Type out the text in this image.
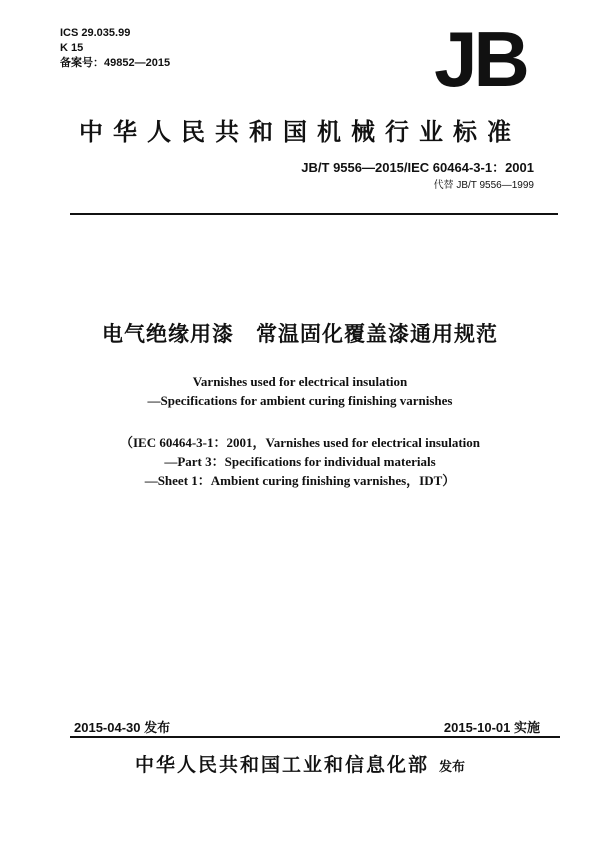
ICS 29.035.99
K 15
备案号：49852—2015	JB
中华人民共和国机械行业标准
JB/T 9556—2015/IEC 60464-3-1：2001
代替 JB/T 9556—1999
电气绝缘用漆　常温固化覆盖漆通用规范
Varnishes used for electrical insulation
—Specifications for ambient curing finishing varnishes
（IEC 60464-3-1：2001，Varnishes used for electrical insulation
—Part 3：Specifications for individual materials
—Sheet 1：Ambient curing finishing varnishes，IDT）
2015-04-30 发布	2015-10-01 实施
中华人民共和国工业和信息化部 发布
